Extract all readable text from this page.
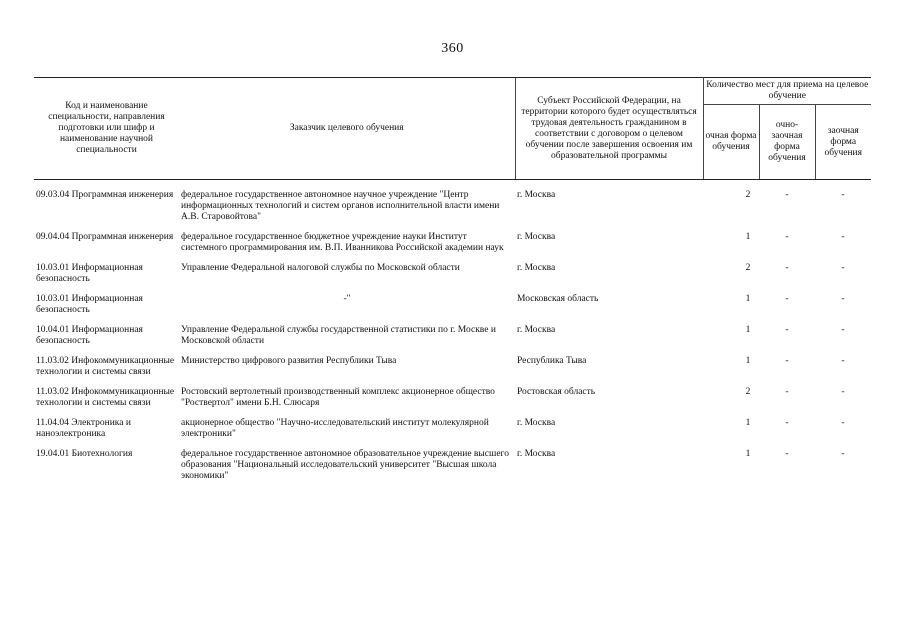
360
Код и наименование специальности, направления подготовки или шифр и наименование научной специальности	Заказчик целевого обучения	Субъект Российской Федерации, на территории которого будет осуществляться трудовая деятельность гражданином в соответствии с договором о целевом обучении после завершения освоения им образовательной программы	Количество мест для приема на целевое обучение		
			очная форма обучения	очно-заочная форма обучения	заочная форма обучения

09.03.04 Программная инженерия	федеральное государственное автономное научное учреждение "Центр информационных технологий и систем органов исполнительной власти имени А.В. Старовойтова"	г. Москва	2	-	-
09.04.04 Программная инженерия	федеральное государственное бюджетное учреждение науки Институт системного программирования им. В.П. Иванникова Российской академии наук	г. Москва	1	-	-
10.03.01 Информационная безопасность	Управление Федеральной налоговой службы по Московской области	г. Москва	2	-	-
10.03.01 Информационная безопасность	-"	Московская область	1	-	-
10.04.01 Информационная безопасность	Управление Федеральной службы государственной статистики по г. Москве и Московской области	г. Москва	1	-	-
11.03.02 Инфокоммуникационные технологии и системы связи	Министерство цифрового развития Республики Тыва	Республика Тыва	1	-	-
11.03.02 Инфокоммуникационные технологии и системы связи	Ростовский вертолетный производственный комплекс акционерное общество "Роствертол" имени Б.Н. Слюсаря	Ростовская область	2	-	-
11.04.04 Электроника и наноэлектроника	акционерное общество "Научно-исследовательский институт молекулярной электроники"	г. Москва	1	-	-
19.04.01 Биотехнология	федеральное государственное автономное образовательное учреждение высшего образования "Национальный исследовательский университет "Высшая школа экономики"	г. Москва	1	-	-
